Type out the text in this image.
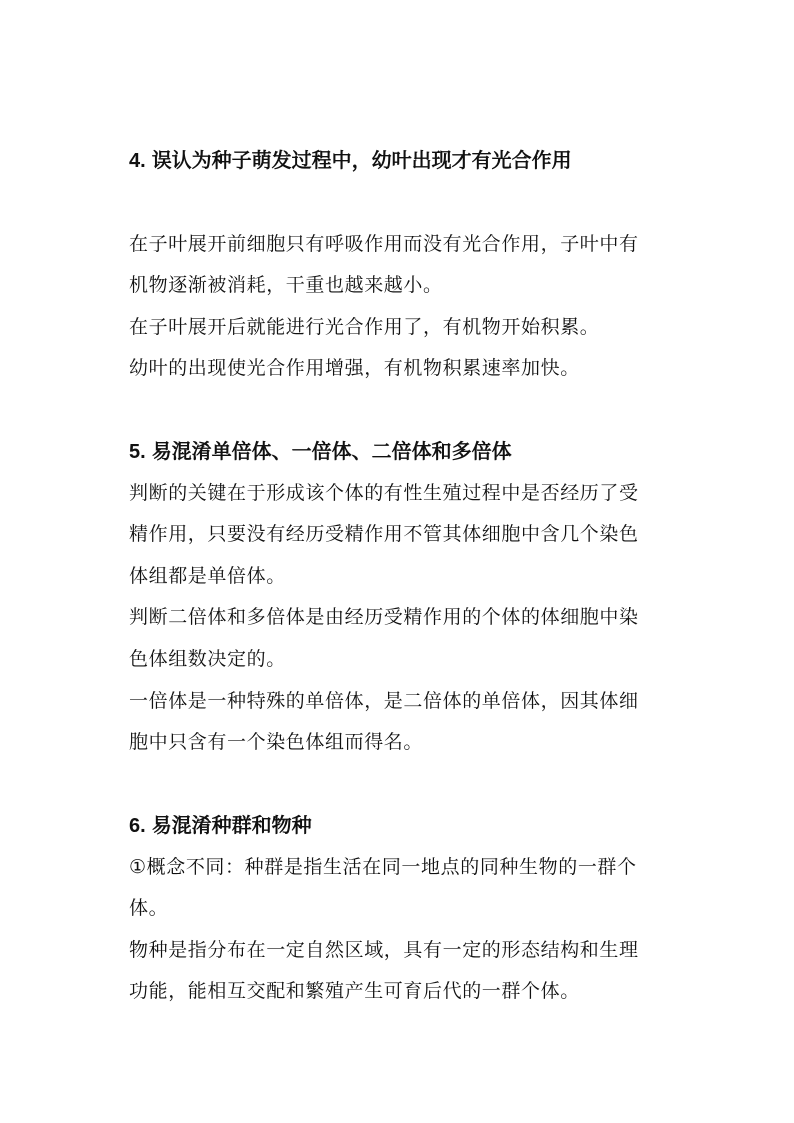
4. 误认为种子萌发过程中，幼叶出现才有光合作用
在子叶展开前细胞只有呼吸作用而没有光合作用，子叶中有
机物逐渐被消耗，干重也越来越小。
在子叶展开后就能进行光合作用了，有机物开始积累。
幼叶的出现使光合作用增强，有机物积累速率加快。
5. 易混淆单倍体、一倍体、二倍体和多倍体
判断的关键在于形成该个体的有性生殖过程中是否经历了受
精作用，只要没有经历受精作用不管其体细胞中含几个染色
体组都是单倍体。
判断二倍体和多倍体是由经历受精作用的个体的体细胞中染
色体组数决定的。
一倍体是一种特殊的单倍体，是二倍体的单倍体，因其体细
胞中只含有一个染色体组而得名。
6. 易混淆种群和物种
①概念不同：种群是指生活在同一地点的同种生物的一群个
体。
物种是指分布在一定自然区域，具有一定的形态结构和生理
功能，能相互交配和繁殖产生可育后代的一群个体。
